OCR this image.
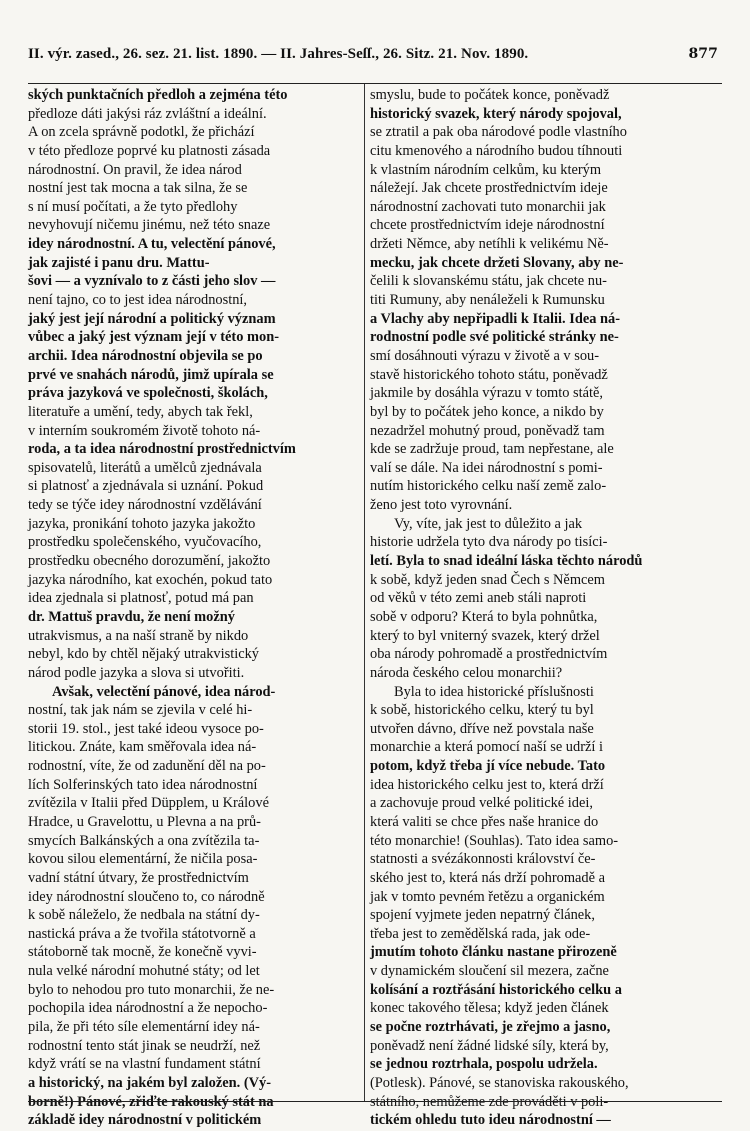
II. výr. zased., 26. sez. 21. list. 1890. — II. Jahres-Seſſ., 26. Sitz. 21. Nov. 1890.	877
ských punktačních předloh a zejména této
předloze dáti jakýsi ráz zvláštní a ideální.
A on zcela správně podotkl, že přichází
v této předloze poprvé ku platnosti zásada
národnostní. On pravil, že idea národ
nostní jest tak mocna a tak silna, že se
s ní musí počítati, a že tyto předlohy
nevyhovují ničemu jinému, než této snaze
idey národnostní. A tu, velectění pánové,
jak zajisté i panu dru. Mattu-
šovi — a vyznívalo to z části jeho slov —
není tajno, co to jest idea národnostní,
jaký jest její národní a politický význam
vůbec a jaký jest význam její v této mon-
archii. Idea národnostní objevila se po
prvé ve snahách národů, jimž upírala se
práva jazyková ve společnosti, školách,
literatuře a umění, tedy, abych tak řekl,
v interním soukromém životě tohoto ná-
roda, a ta idea národnostní prostřednictvím
spisovatelů, literátů a umělců zjednávala
si platnosť a zjednávala si uznání. Pokud
tedy se týče idey národnostní vzdělávání
jazyka, pronikání tohoto jazyka jakožto
prostředku společenského, vyučovacího,
prostředku obecného dorozumění, jakožto
jazyka národního, kat exochén, pokud tato
idea zjednala si platnosť, potud má pan
dr. Mattuš pravdu, že není možný
utrakvismus, a na naší straně by nikdo
nebyl, kdo by chtěl nějaký utrakvistický
národ podle jazyka a slova si utvořiti.
Avšak, velectění pánové, idea národ-
nostní, tak jak nám se zjevila v celé hi-
storii 19. stol., jest také ideou vysoce po-
litickou. Znáte, kam směřovala idea ná-
rodnostní, víte, že od zadunění děl na po-
lích Solferinských tato idea národnostní
zvítězila v Italii před Düpplem, u Králové
Hradce, u Gravelottu, u Plevna a na prů-
smycích Balkánských a ona zvítězila ta-
kovou silou elementární, že ničila posa-
vadní státní útvary, že prostřednictvím
idey národnostní sloučeno to, co národně
k sobě náleželo, že nedbala na státní dy-
nastická práva a že tvořila státotvorně a
státoborně tak mocně, že konečně vyvi-
nula velké národní mohutné státy; od let
bylo to nehodou pro tuto monarchii, že ne-
pochopila idea národnostní a že nepocho-
pila, že při této síle elementární idey ná-
rodnostní tento stát jinak se neudrží, než
když vrátí se na vlastní fundament státní
a historický, na jakém byl založen. (Vý-
borně!) Pánové, zřiďte rakouský stát na
základě idey národnostní v politickém
smyslu, bude to počátek konce, poněvadž
historický svazek, který národy spojoval,
se ztratil a pak oba národové podle vlastního
citu kmenového a národního budou tíhnouti
k vlastním národním celkům, ku kterým
náležejí. Jak chcete prostřednictvím ideje
národnostní zachovati tuto monarchii jak
chcete prostřednictvím ideje národnostní
držeti Němce, aby netíhli k velikému Ně-
mecku, jak chcete držeti Slovany, aby ne-
čelili k slovanskému státu, jak chcete nu-
titi Rumuny, aby nenáleželi k Rumunsku
a Vlachy aby nepřipadli k Italii. Idea ná-
rodnostní podle své politické stránky ne-
smí dosáhnouti výrazu v životě a v sou-
stavě historického tohoto státu, poněvadž
jakmile by dosáhla výrazu v tomto státě,
byl by to počátek jeho konce, a nikdo by
nezadržel mohutný proud, poněvadž tam
kde se zadržuje proud, tam nepřestane, ale
valí se dále. Na idei národnostní s pomi-
nutím historického celku naší země zalo-
ženo jest toto vyrovnání.
Vy, víte, jak jest to důležito a jak
historie udržela tyto dva národy po tisíci-
letí. Byla to snad ideální láska těchto národů
k sobě, když jeden snad Čech s Němcem
od věků v této zemi aneb stáli naproti
sobě v odporu? Která to byla pohnůtka,
který to byl vniterný svazek, který držel
oba národy pohromadě a prostřednictvím
národa českého celou monarchii?
Byla to idea historické příslušnosti
k sobě, historického celku, který tu byl
utvořen dávno, dříve než povstala naše
monarchie a která pomocí naší se udrží i
potom, když třeba jí více nebude. Tato
idea historického celku jest to, která drží
a zachovuje proud velké politické idei,
která valiti se chce přes naše hranice do
této monarchie! (Souhlas). Tato idea samo-
statnosti a svézákonnosti království če-
ského jest to, která nás drží pohromadě a
jak v tomto pevném řetězu a organickém
spojení vyjmete jeden nepatrný článek,
třeba jest to zemědělská rada, jak ode-
jmutím tohoto článku nastane přirozeně
v dynamickém sloučení sil mezera, začne
kolísání a roztřásání historického celku a
konec takového tělesa; když jeden článek
se počne roztrhávati, je zřejmo a jasno,
poněvadž není žádné lidské síly, která by,
se jednou roztrhala, pospolu udržela.
(Potlesk). Pánové, se stanoviska rakouského,
státního, nemůžeme zde prováděti v poli-
tickém ohledu tuto ideu národnostní —
